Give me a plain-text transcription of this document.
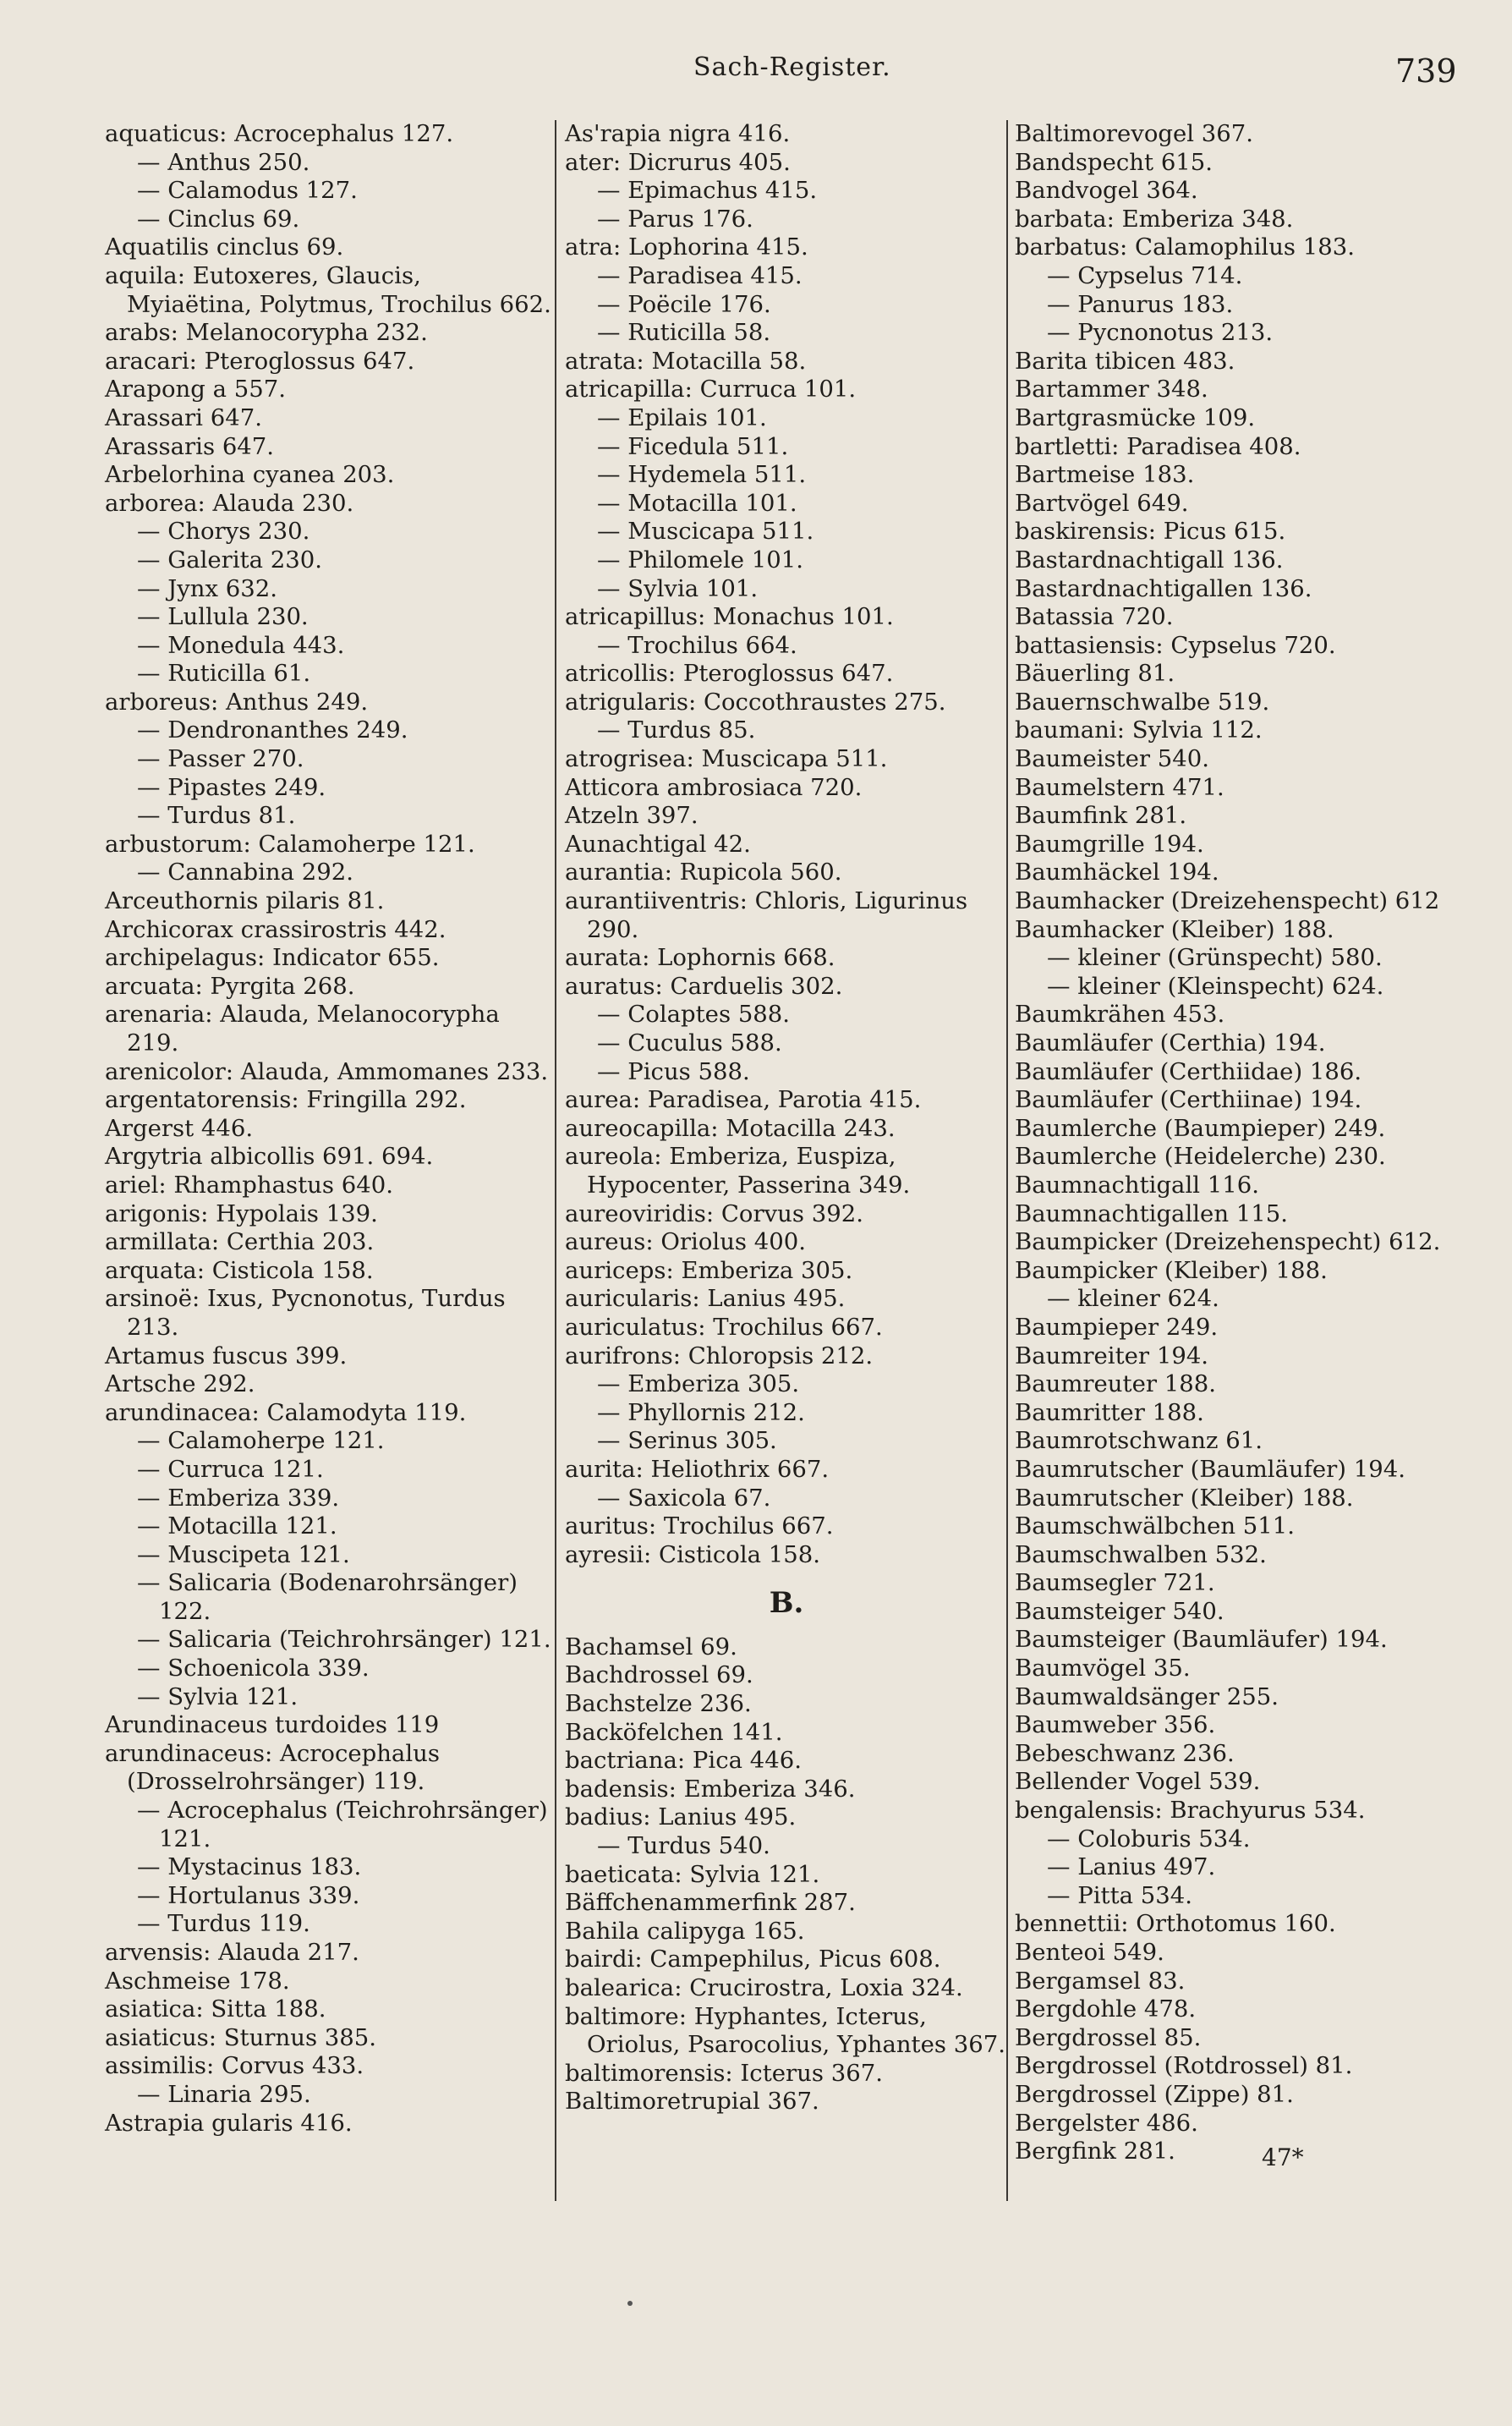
Sach-Register.	739

aquaticus: Acrocephalus 127.

— Anthus 250.

— Calamodus 127.

— Cinclus 69.

Aquatilis cinclus 69.

aquila: Eutoxeres, Glaucis, Myiaëtina, Polytmus, Trochilus 662.

arabs: Melanocorypha 232.

aracari: Pteroglossus 647.

Arapong a 557.

Arassari 647.

Arassaris 647.

Arbelorhina cyanea 203.

arborea: Alauda 230.

— Chorys 230.

— Galerita 230.

— Jynx 632.

— Lullula 230.

— Monedula 443.

— Ruticilla 61.

arboreus: Anthus 249.

— Dendronanthes 249.

— Passer 270.

— Pipastes 249.

— Turdus 81.

arbustorum: Calamoherpe 121.

— Cannabina 292.

Arceuthornis pilaris 81.

Archicorax crassirostris 442.

archipelagus: Indicator 655.

arcuata: Pyrgita 268.

arenaria: Alauda, Melanocorypha 219.

arenicolor: Alauda, Ammomanes 233.

argentatorensis: Fringilla 292.

Argerst 446.

Argytria albicollis 691. 694.

ariel: Rhamphastus 640.

arigonis: Hypolais 139.

armillata: Certhia 203.

arquata: Cisticola 158.

arsinoë: Ixus, Pycnonotus, Turdus 213.

Artamus fuscus 399.

Artsche 292.

arundinacea: Calamodyta 119.

— Calamoherpe 121.

— Curruca 121.

— Emberiza 339.

— Motacilla 121.

— Muscipeta 121.

— Salicaria (Bodenarohrsänger) 122.

— Salicaria (Teichrohrsänger) 121.

— Schoenicola 339.

— Sylvia 121.

Arundinaceus turdoides 119

arundinaceus: Acrocephalus (Drosselrohrsänger) 119.

— Acrocephalus (Teichrohrsänger) 121.

— Mystacinus 183.

— Hortulanus 339.

— Turdus 119.

arvensis: Alauda 217.

Aschmeise 178.

asiatica: Sitta 188.

asiaticus: Sturnus 385.

assimilis: Corvus 433.

— Linaria 295.

Astrapia gularis 416.

As'rapia nigra 416.

ater: Dicrurus 405.

— Epimachus 415.

— Parus 176.

atra: Lophorina 415.

— Paradisea 415.

— Poëcile 176.

— Ruticilla 58.

atrata: Motacilla 58.

atricapilla: Curruca 101.

— Epilais 101.

— Ficedula 511.

— Hydemela 511.

— Motacilla 101.

— Muscicapa 511.

— Philomele 101.

— Sylvia 101.

atricapillus: Monachus 101.

— Trochilus 664.

atricollis: Pteroglossus 647.

atrigularis: Coccothraustes 275.

— Turdus 85.

atrogrisea: Muscicapa 511.

Atticora ambrosiaca 720.

Atzeln 397.

Aunachtigal 42.

aurantia: Rupicola 560.

aurantiiventris: Chloris, Ligurinus 290.

aurata: Lophornis 668.

auratus: Carduelis 302.

— Colaptes 588.

— Cuculus 588.

— Picus 588.

aurea: Paradisea, Parotia 415.

aureocapilla: Motacilla 243.

aureola: Emberiza, Euspiza, Hypocenter, Passerina 349.

aureoviridis: Corvus 392.

aureus: Oriolus 400.

auriceps: Emberiza 305.

auricularis: Lanius 495.

auriculatus: Trochilus 667.

aurifrons: Chloropsis 212.

— Emberiza 305.

— Phyllornis 212.

— Serinus 305.

aurita: Heliothrix 667.

— Saxicola 67.

auritus: Trochilus 667.

ayresii: Cisticola 158.

B.

Bachamsel 69.

Bachdrossel 69.

Bachstelze 236.

Backöfelchen 141.

bactriana: Pica 446.

badensis: Emberiza 346.

badius: Lanius 495.

— Turdus 540.

baeticata: Sylvia 121.

Bäffchenammerfink 287.

Bahila calipyga 165.

bairdi: Campephilus, Picus 608.

balearica: Crucirostra, Loxia 324.

baltimore: Hyphantes, Icterus, Oriolus, Psarocolius, Yphantes 367.

baltimorensis: Icterus 367.

Baltimoretrupial 367.

Baltimorevogel 367.

Bandspecht 615.

Bandvogel 364.

barbata: Emberiza 348.

barbatus: Calamophilus 183.

— Cypselus 714.

— Panurus 183.

— Pycnonotus 213.

Barita tibicen 483.

Bartammer 348.

Bartgrasmücke 109.

bartletti: Paradisea 408.

Bartmeise 183.

Bartvögel 649.

baskirensis: Picus 615.

Bastardnachtigall 136.

Bastardnachtigallen 136.

Batassia 720.

battasiensis: Cypselus 720.

Bäuerling 81.

Bauernschwalbe 519.

baumani: Sylvia 112.

Baumeister 540.

Baumelstern 471.

Baumfink 281.

Baumgrille 194.

Baumhäckel 194.

Baumhacker (Dreizehenspecht) 612

Baumhacker (Kleiber) 188.

— kleiner (Grünspecht) 580.

— kleiner (Kleinspecht) 624.

Baumkrähen 453.

Baumläufer (Certhia) 194.

Baumläufer (Certhiidae) 186.

Baumläufer (Certhiinae) 194.

Baumlerche (Baumpieper) 249.

Baumlerche (Heidelerche) 230.

Baumnachtigall 116.

Baumnachtigallen 115.

Baumpicker (Dreizehenspecht) 612.

Baumpicker (Kleiber) 188.

— kleiner 624.

Baumpieper 249.

Baumreiter 194.

Baumreuter 188.

Baumritter 188.

Baumrotschwanz 61.

Baumrutscher (Baumläufer) 194.

Baumrutscher (Kleiber) 188.

Baumschwälbchen 511.

Baumschwalben 532.

Baumsegler 721.

Baumsteiger 540.

Baumsteiger (Baumläufer) 194.

Baumvögel 35.

Baumwaldsänger 255.

Baumweber 356.

Bebeschwanz 236.

Bellender Vogel 539.

bengalensis: Brachyurus 534.

— Coloburis 534.

— Lanius 497.

— Pitta 534.

bennettii: Orthotomus 160.

Benteoi 549.

Bergamsel 83.

Bergdohle 478.

Bergdrossel 85.

Bergdrossel (Rotdrossel) 81.

Bergdrossel (Zippe) 81.

Bergelster 486.

Bergfink 281.	47*
